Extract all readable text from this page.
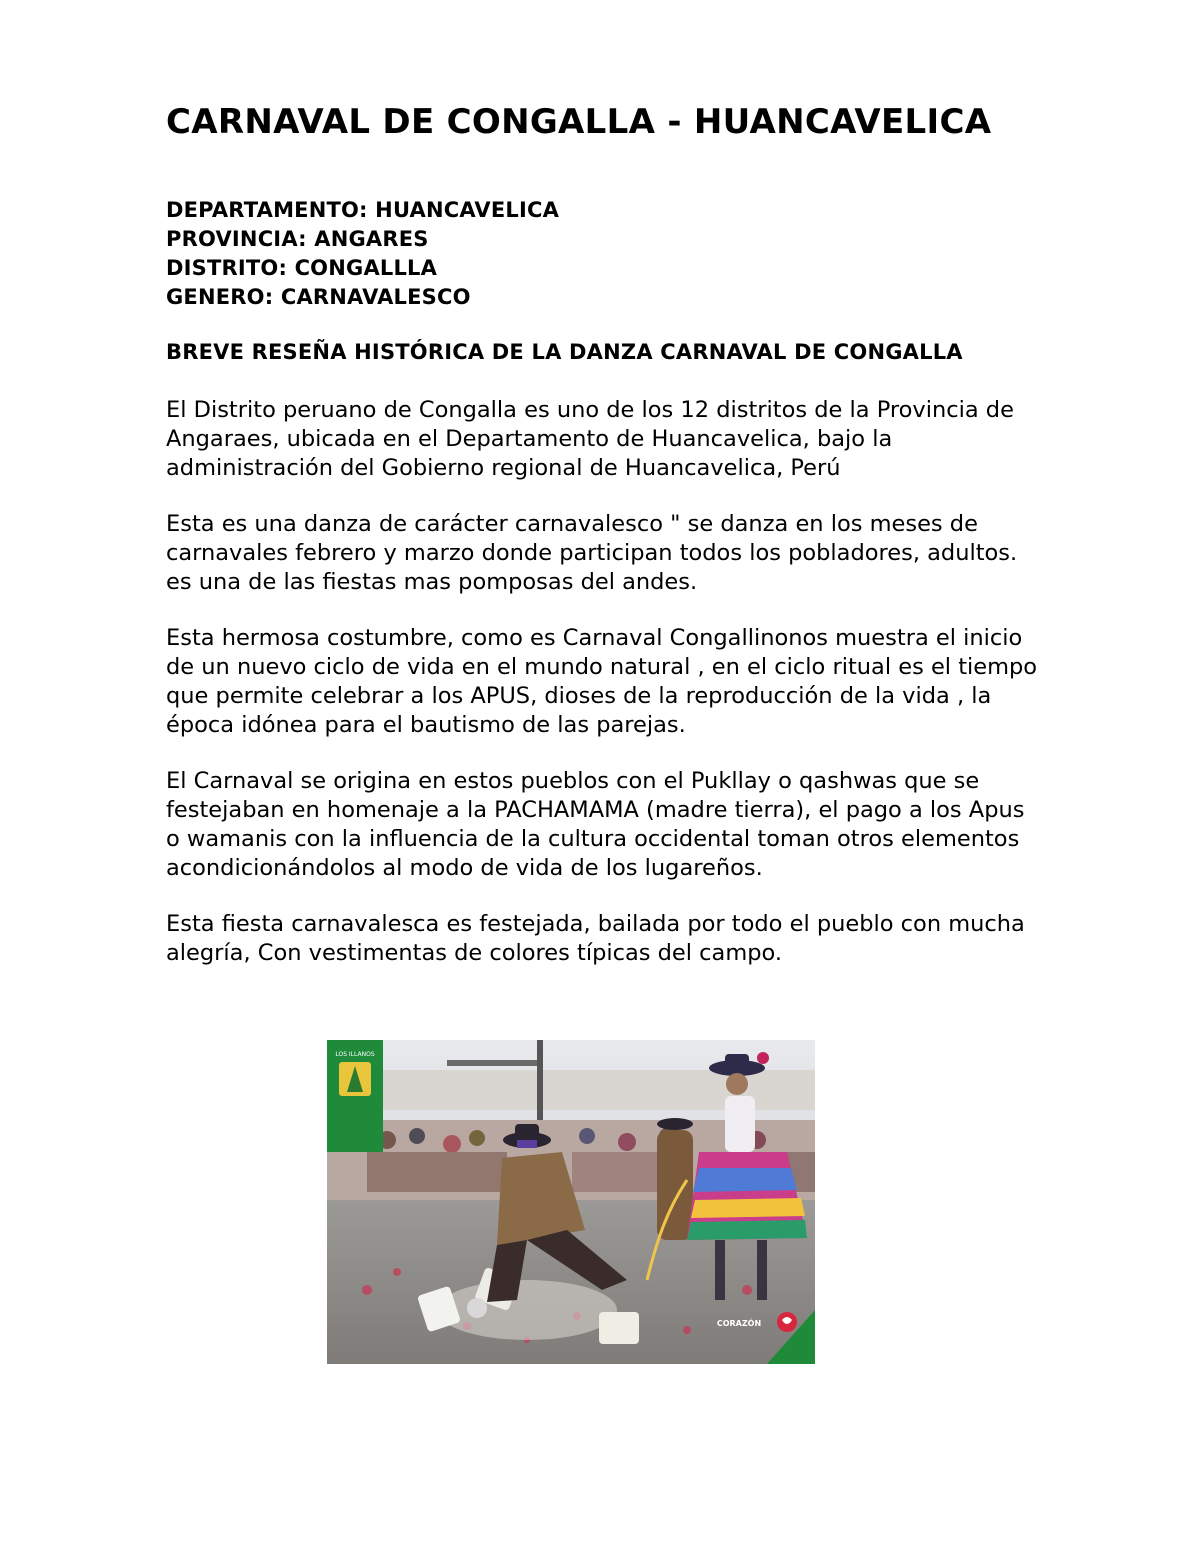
CARNAVAL DE CONGALLA - HUANCAVELICA
DEPARTAMENTO: HUANCAVELICA
PROVINCIA: ANGARES
DISTRITO: CONGALLLA
GENERO: CARNAVALESCO
BREVE RESEÑA HISTÓRICA DE LA DANZA CARNAVAL DE CONGALLA

El Distrito peruano de Congalla es uno de los 12 distritos de la Provincia de
Angaraes, ubicada en el Departamento de Huancavelica, bajo la
administración del Gobierno regional de Huancavelica, Perú

Esta es una danza de carácter carnavalesco " se danza en los meses de
carnavales febrero y marzo donde participan todos los pobladores, adultos.
es una de las fiestas mas pomposas del andes.

Esta hermosa costumbre, como es Carnaval Congallinonos muestra el inicio
de un nuevo ciclo de vida en el mundo natural , en el ciclo ritual es el tiempo
que permite celebrar a los APUS, dioses de la reproducción de la vida , la
época idónea para el bautismo de las parejas.

El Carnaval se origina en estos pueblos con el Pukllay o qashwas que se
festejaban en homenaje a la PACHAMAMA (madre tierra), el pago a los Apus
o wamanis con la influencia de la cultura occidental toman otros elementos
acondicionándolos al modo de vida de los lugareños.

Esta fiesta carnavalesca es festejada, bailada por todo el pueblo con mucha
alegría, Con vestimentas de colores típicas del campo.

LOS ILLANOS
CORAZÓN
